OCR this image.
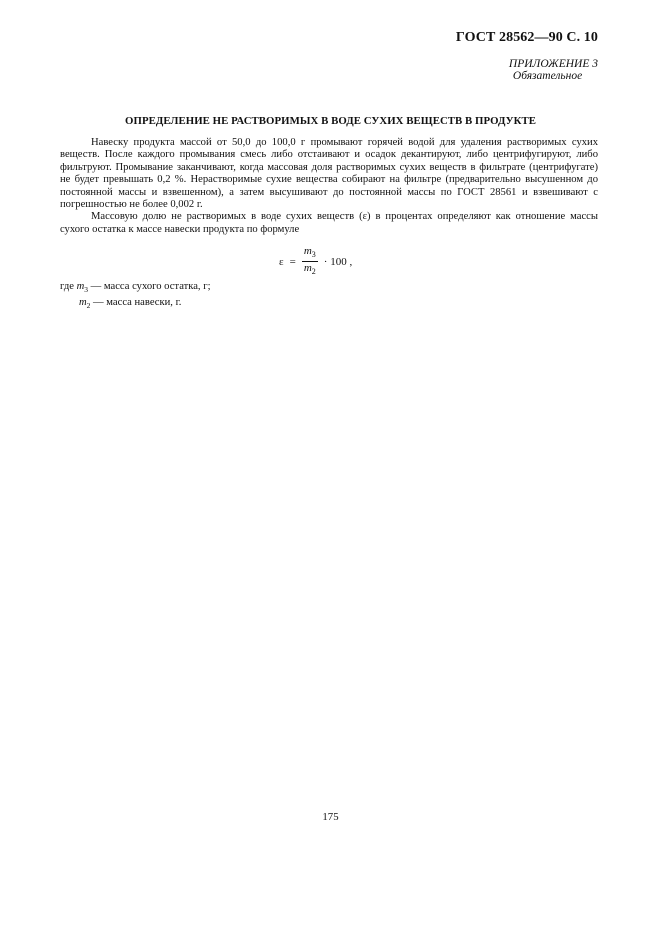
ГОСТ 28562—90 С. 10
ПРИЛОЖЕНИЕ 3
Обязательное
ОПРЕДЕЛЕНИЕ НЕ РАСТВОРИМЫХ В ВОДЕ СУХИХ ВЕЩЕСТВ В ПРОДУКТЕ

Навеску продукта массой от 50,0 до 100,0 г промывают горячей водой для удаления растворимых сухих веществ. После каждого промывания смесь либо отстаивают и осадок декантируют, либо центрифугируют, либо фильтруют. Промывание заканчивают, когда массовая доля растворимых сухих веществ в фильтрате (центрифугате) не будет превышать 0,2 %. Нерастворимые сухие вещества собирают на фильтре (предварительно высушенном до постоянной массы и взвешенном), а затем высушивают до постоянной массы по ГОСТ 28561 и взвешивают с погрешностью не более 0,002 г.

Массовую долю не растворимых в воде сухих веществ (ε) в процентах определяют как отношение массы сухого остатка к массе навески продукта по формуле

$\varepsilon = \frac{m_3}{m_2} \cdot 100$ ,
где $m_3$ — масса сухого остатка, г;
$m_2$ — масса навески, г.
175
